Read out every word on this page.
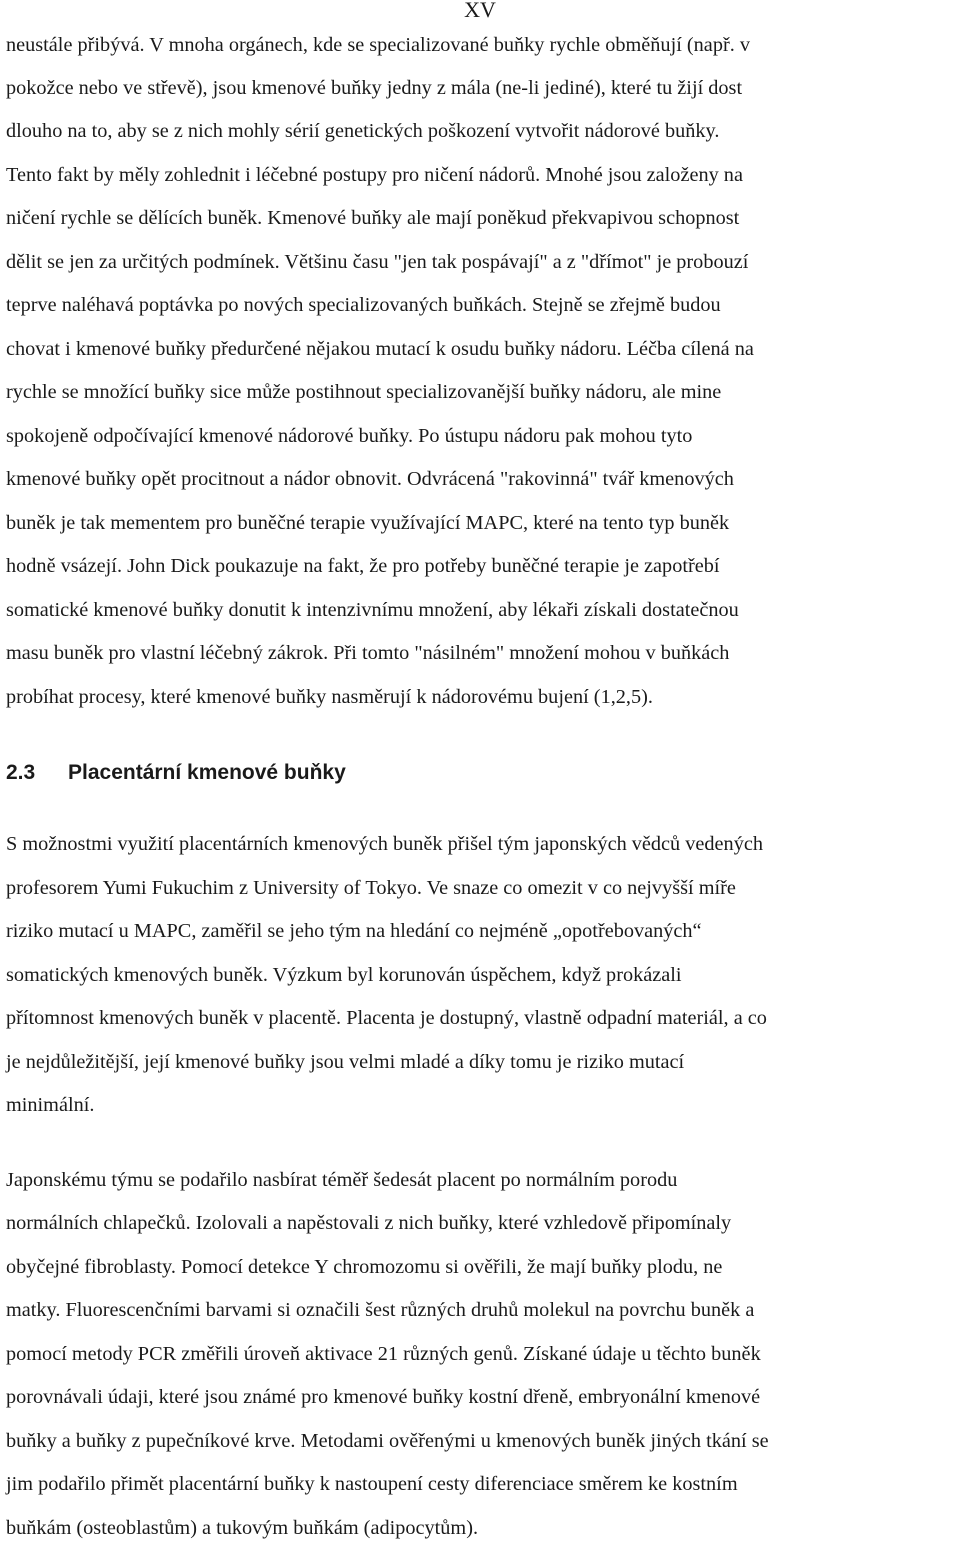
XV
neustále přibývá. V mnoha orgánech, kde se specializované buňky rychle obměňují (např. v
pokožce nebo ve střevě), jsou kmenové buňky jedny z mála (ne-li jediné), které tu žijí dost
dlouho na to, aby se z nich mohly sérií genetických poškození vytvořit nádorové buňky.
Tento fakt by měly zohlednit i léčebné postupy pro ničení nádorů. Mnohé jsou založeny na
ničení rychle se dělících buněk. Kmenové buňky ale mají poněkud překvapivou schopnost
dělit se jen za určitých podmínek. Většinu času "jen tak pospávají" a z "dřímot" je probouzí
teprve naléhavá poptávka po nových specializovaných buňkách. Stejně se zřejmě budou
chovat i kmenové buňky předurčené nějakou mutací k osudu buňky nádoru. Léčba cílená na
rychle se množící buňky sice může postihnout specializovanější buňky nádoru, ale mine
spokojeně odpočívající kmenové nádorové buňky. Po ústupu nádoru pak mohou tyto
kmenové buňky opět procitnout a nádor obnovit. Odvrácená "rakovinná" tvář kmenových
buněk je tak mementem pro buněčné terapie využívající MAPC, které na tento typ buněk
hodně vsázejí. John Dick poukazuje na fakt, že pro potřeby buněčné terapie je zapotřebí
somatické kmenové buňky donutit k intenzivnímu množení, aby lékaři získali dostatečnou
masu buněk pro vlastní léčebný zákrok. Při tomto "násilném" množení mohou v buňkách
probíhat procesy, které kmenové buňky nasměrují k nádorovému bujení (1,2,5).
2.3 Placentární kmenové buňky
S možnostmi využití placentárních kmenových buněk přišel tým japonských vědců vedených
profesorem Yumi Fukuchim z University of Tokyo. Ve snaze co omezit v co nejvyšší míře
riziko mutací u MAPC, zaměřil se jeho tým na hledání co nejméně „opotřebovaných“
somatických kmenových buněk. Výzkum byl korunován úspěchem, když prokázali
přítomnost kmenových buněk v placentě. Placenta je dostupný, vlastně odpadní materiál, a co
je nejdůležitější, její kmenové buňky jsou velmi mladé a díky tomu je riziko mutací
minimální.
Japonskému týmu se podařilo nasbírat téměř šedesát placent po normálním porodu
normálních chlapečků. Izolovali a napěstovali z nich buňky, které vzhledově připomínaly
obyčejné fibroblasty. Pomocí detekce Y chromozomu si ověřili, že mají buňky plodu, ne
matky. Fluorescenčními barvami si označili šest různých druhů molekul na povrchu buněk a
pomocí metody PCR změřili úroveň aktivace 21 různých genů. Získané údaje u těchto buněk
porovnávali údaji, které jsou známé pro kmenové buňky kostní dřeně, embryonální kmenové
buňky a buňky z pupečníkové krve. Metodami ověřenými u kmenových buněk jiných tkání se
jim podařilo přimět placentární buňky k nastoupení cesty diferenciace směrem ke kostním
buňkám (osteoblastům) a tukovým buňkám (adipocytům).
